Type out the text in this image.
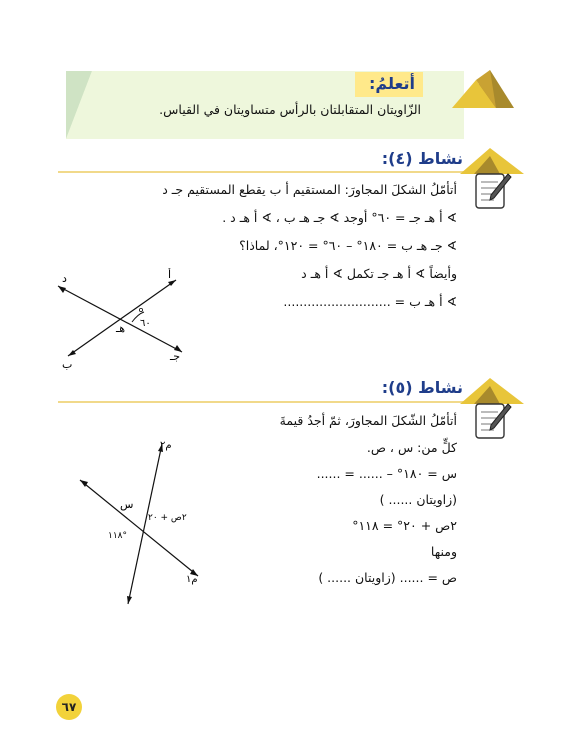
أتعلمُ:
الزّاويتان المتقابلتان بالرأس متساويتان في القياس.
نشاط (٤):
أتأمّلُ الشكلَ المجاورَ: المستقيم أ ب يقطع المستقيم جـ د
∢ أ هـ جـ = ٦٠° أوجد ∢ جـ هـ ب ، ∢ أ هـ د .
∢ جـ هـ ب = ١٨٠° – ٦٠° = ١٢٠°، لماذا؟
وأيضاً ∢ أ هـ جـ تكمل ∢ أ هـ د
∢ أ هـ ب = ...........................
د	أ
ب
جـ
هـ ٦٠
نشاط (٥):
أتأمّلُ الشّكلَ المجاورَ، ثمّ أجدُ قيمةَ
كلٍّ من: س ، ص.
س = ١٨٠° – ...... = ......
(زاويتان ...... )
٢ص + ٢٠° = ١١٨°
ومنها
ص = ...... (زاويتان ...... )
م٢
م١
س
٢ص + ٢٠
١١٨°
٦٧
